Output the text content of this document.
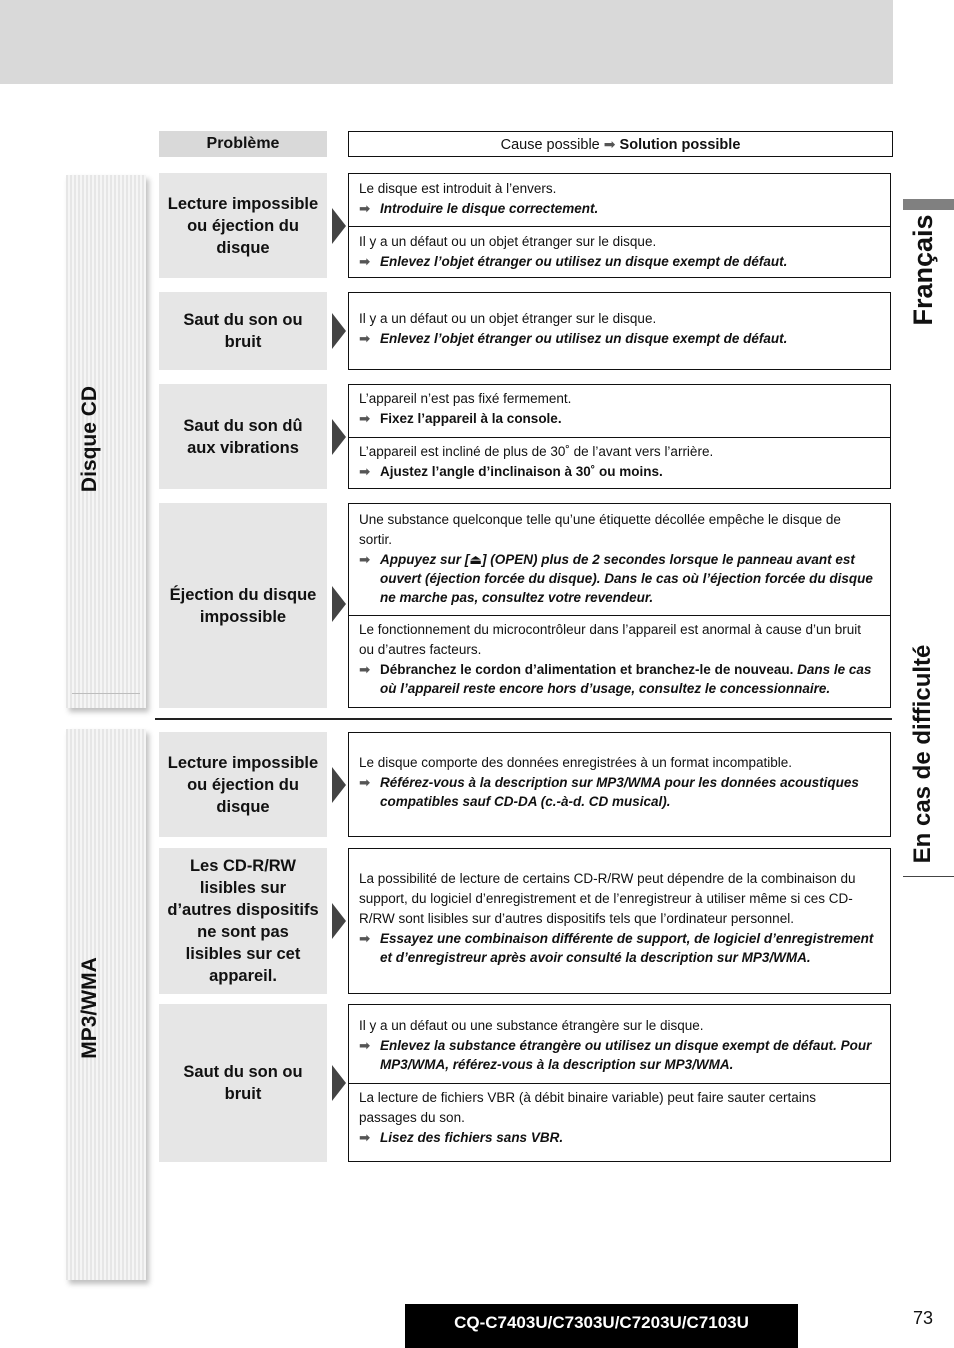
Français
En cas de difficulté
Disque CD
MP3/WMA
Problème	Cause possible ➡ Solution possible
Lecture impossible ou éjection du disque
Le disque est introduit à l’envers.
➡ Introduire le disque correctement.
Il y a un défaut ou un objet étranger sur le disque.
➡ Enlevez l’objet étranger ou utilisez un disque exempt de défaut.
Saut du son ou bruit
Il y a un défaut ou un objet étranger sur le disque.
➡ Enlevez l’objet étranger ou utilisez un disque exempt de défaut.
Saut du son dû aux vibrations
L’appareil n’est pas fixé fermement.
➡ Fixez l’appareil à la console.
L’appareil est incliné de plus de 30˚ de l’avant vers l’arrière.
➡ Ajustez l’angle d’inclinaison à 30˚ ou moins.
Éjection du disque impossible
Une substance quelconque telle qu’une étiquette décollée empêche le disque de sortir.
➡ Appuyez sur [⏏] (OPEN) plus de 2 secondes lorsque le panneau avant est ouvert (éjection forcée du disque). Dans le cas où l’éjection forcée du disque ne marche pas, consultez votre revendeur.
Le fonctionnement du microcontrôleur dans l’appareil est anormal à cause d’un bruit ou d’autres facteurs.
➡ Débranchez le cordon d’alimentation et branchez-le de nouveau. Dans le cas où l’appareil reste encore hors d’usage, consultez le concessionnaire.
Lecture impossible ou éjection du disque
Le disque comporte des données enregistrées à un format incompatible.
➡ Référez-vous à la description sur MP3/WMA pour les données acoustiques compatibles sauf CD-DA (c.-à-d. CD musical).
Les CD-R/RW lisibles sur d’autres dispositifs ne sont pas lisibles sur cet appareil.
La possibilité de lecture de certains CD-R/RW peut dépendre de la combinaison du support, du logiciel d’enregistrement et de l’enregistreur à utiliser même si ces CD-R/RW sont lisibles sur d’autres dispositifs tels que l’ordinateur personnel.
➡ Essayez une combinaison différente de support, de logiciel d’enregistrement et d’enregistreur après avoir consulté la description sur MP3/WMA.
Saut du son ou bruit
Il y a un défaut ou une substance étrangère sur le disque.
➡ Enlevez la substance étrangère ou utilisez un disque exempt de défaut. Pour MP3/WMA, référez-vous à la description sur MP3/WMA.
La lecture de fichiers VBR (à débit binaire variable) peut faire sauter certains passages du son.
➡ Lisez des fichiers sans VBR.
CQ-C7403U/C7303U/C7203U/C7103U	73
